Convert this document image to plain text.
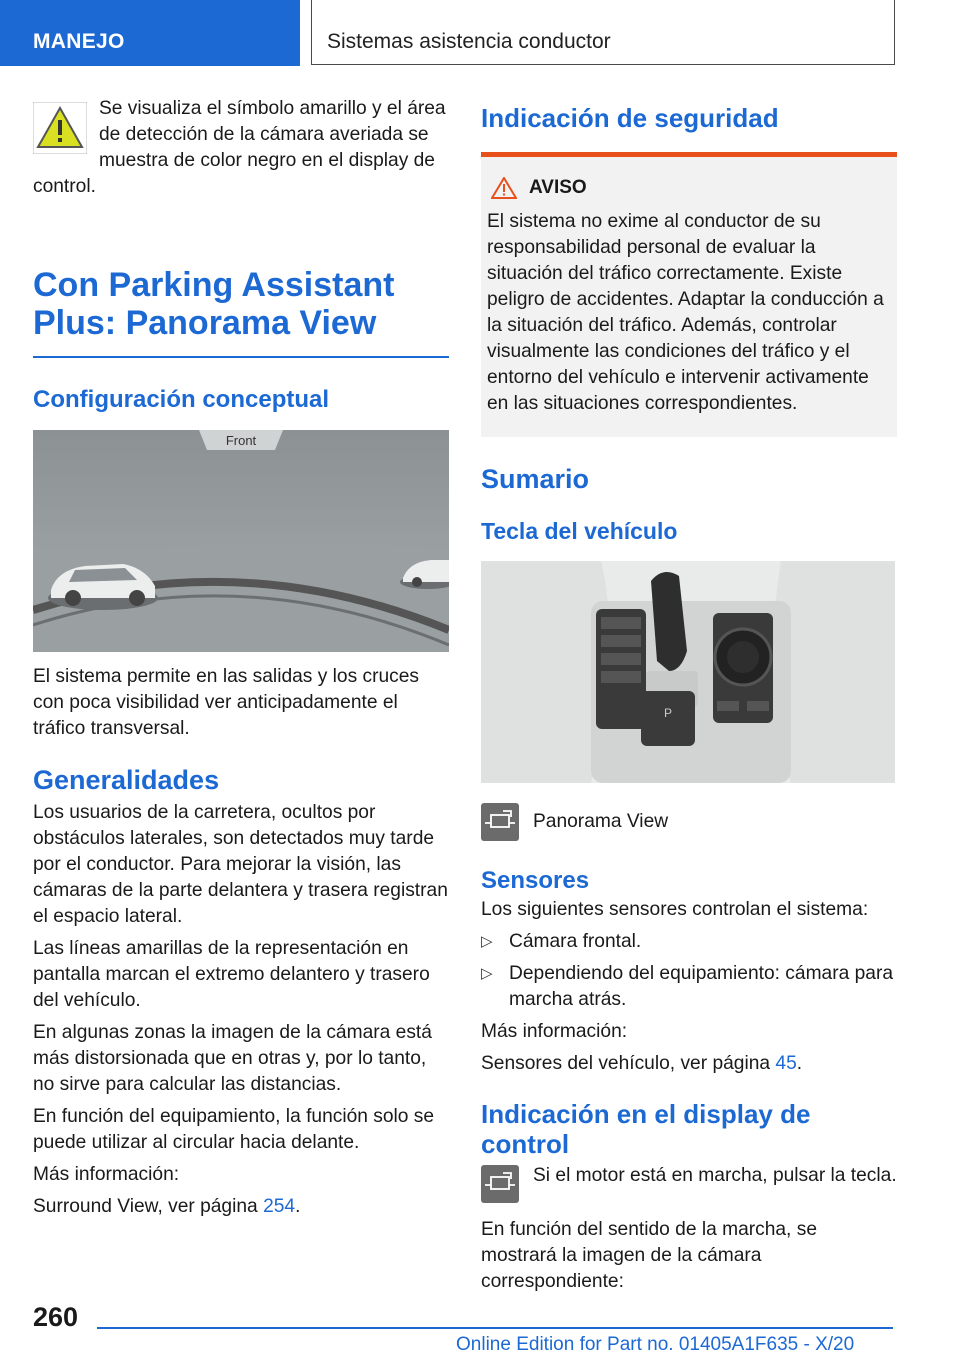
MANEJO	Sistemas asistencia conductor

Se visualiza el símbolo amarillo y el área de detección de la cámara averiada se muestra de color negro en el display de control.

Con Parking Assistant Plus: Panorama View
Configuración conceptual
Front

El sistema permite en las salidas y los cruces con poca visibilidad ver anticipadamente el tráfico transversal.

Generalidades

Los usuarios de la carretera, ocultos por obstáculos laterales, son detectados muy tarde por el conductor. Para mejorar la visión, las cámaras de la parte delantera y trasera registran el espacio lateral.

Las líneas amarillas de la representación en pantalla marcan el extremo delantero y trasero del vehículo.

En algunas zonas la imagen de la cámara está más distorsionada que en otras y, por lo tanto, no sirve para calcular las distancias.

En función del equipamiento, la función solo se puede utilizar al circular hacia delante.

Más información:

Surround View, ver página 254.

Indicación de seguridad
AVISO

El sistema no exime al conductor de su responsabilidad personal de evaluar la situación del tráfico correctamente. Existe peligro de accidentes. Adaptar la conducción a la situación del tráfico. Además, controlar visualmente las condiciones del tráfico y el entorno del vehículo e intervenir activamente en las situaciones correspondientes.

Sumario
Tecla del vehículo
P

Panorama View

Sensores

Los siguientes sensores controlan el sistema:

▷ Cámara frontal.

▷ Dependiendo del equipamiento: cámara para marcha atrás.

Más información:

Sensores del vehículo, ver página 45.

Indicación en el display de control

Si el motor está en marcha, pulsar la tecla.

En función del sentido de la marcha, se mostrará la imagen de la cámara correspondiente:

260
Online Edition for Part no. 01405A1F635 - X/20
